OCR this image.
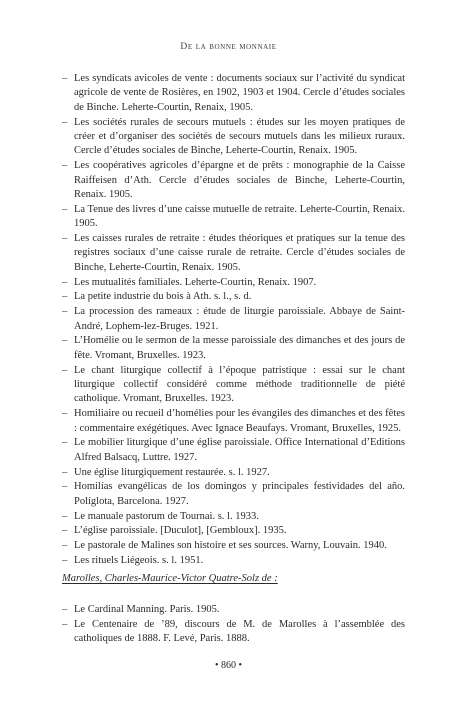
De la bonne monnaie
– Les syndicats avicoles de vente : documents sociaux sur l’activité du syndicat agricole de vente de Rosières, en 1902, 1903 et 1904. Cercle d’études sociales de Binche. Leherte-Courtin, Renaix, 1905.
– Les sociétés rurales de secours mutuels : études sur les moyen pratiques de créer et d’organiser des sociétés de secours mutuels dans les milieux ruraux. Cercle d’études sociales de Binche, Leherte-Courtin, Renaix. 1905.
– Les coopératives agricoles d’épargne et de prêts : monographie de la Caisse Raiffeisen d’Ath. Cercle d’études sociales de Binche, Leherte-Courtin, Renaix. 1905.
– La Tenue des livres d’une caisse mutuelle de retraite. Leherte-Courtin, Renaix. 1905.
– Les caisses rurales de retraite : études théoriques et pratiques sur la tenue des registres sociaux d’une caisse rurale de retraite. Cercle d’études sociales de Binche, Leherte-Courtin, Renaix. 1905.
– Les mutualités familiales. Leherte-Courtin, Renaix. 1907.
– La petite industrie du bois à Ath. s. l., s. d.
– La procession des rameaux : étude de liturgie paroissiale. Abbaye de Saint-André, Lophem-lez-Bruges. 1921.
– L’Homélie ou le sermon de la messe paroissiale des dimanches et des jours de fête. Vromant, Bruxelles. 1923.
– Le chant liturgique collectif à l’époque patristique : essai sur le chant liturgique collectif considéré comme méthode traditionnelle de piété catholique. Vromant, Bruxelles. 1923.
– Homiliaire ou recueil d’homélies pour les évangiles des dimanches et des fêtes : commentaire exégétiques. Avec Ignace Beaufays. Vromant, Bruxelles, 1925.
– Le mobilier liturgique d’une église paroissiale. Office International d’Editions Alfred Balsacq, Luttre. 1927.
– Une église liturgiquement restaurée. s. l. 1927.
– Homilías evangélicas de los domingos y principales festividades del año. Políglota, Barcelona. 1927.
– Le manuale pastorum de Tournai. s. l. 1933.
– L’église paroissiale. [Duculot], [Gembloux]. 1935.
– Le pastorale de Malines son histoire et ses sources. Warny, Louvain. 1940.
– Les rituels Liégeois. s. l. 1951.
Marolles, Charles-Maurice-Victor Quatre-Solz de :
– Le Cardinal Manning. Paris. 1905.
– Le Centenaire de ’89, discours de M. de Marolles à l’assemblée des catholiques de 1888. F. Levé, Paris. 1888.
• 860 •
